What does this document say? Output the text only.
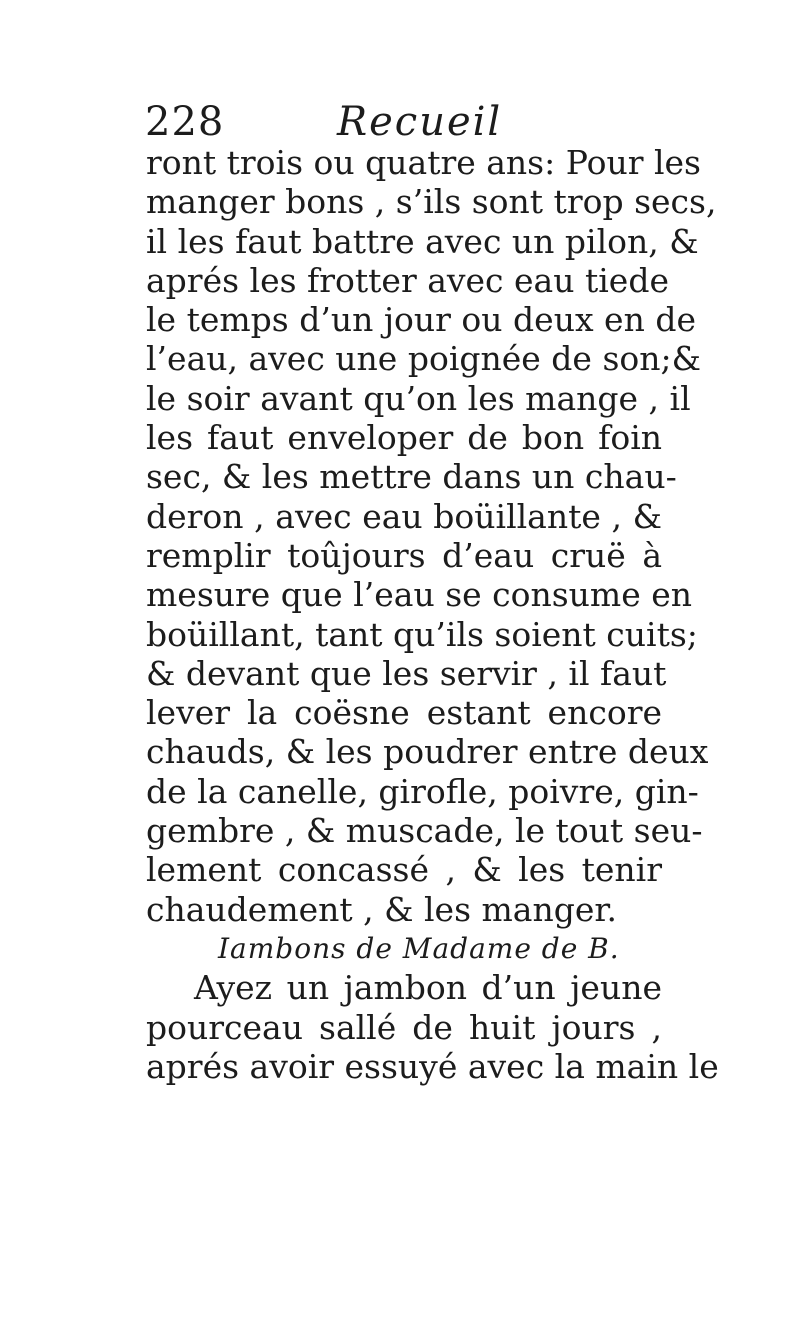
228	Recueil
ront trois ou quatre ans: Pour les
manger bons , s’ils sont trop secs,
il les faut battre avec un pilon, &
aprés les frotter avec eau tiede
le temps d’un jour ou deux en de
l’eau, avec une poignée de son;&
le soir avant qu’on les mange , il
les faut enveloper de bon foin
sec, & les mettre dans un chau-
deron , avec eau boüillante , &
remplir toûjours d’eau cruë à
mesure que l’eau se consume en
boüillant, tant qu’ils soient cuits;
& devant que les servir , il faut
lever la coësne estant encore
chauds, & les poudrer entre deux
de la canelle, girofle, poivre, gin-
gembre , & muscade, le tout seu-
lement concassé , & les tenir
chaudement , & les manger.
Iambons de Madame de B.
Ayez un jambon d’un jeune
pourceau sallé de huit jours ,
aprés avoir essuyé avec la main le
